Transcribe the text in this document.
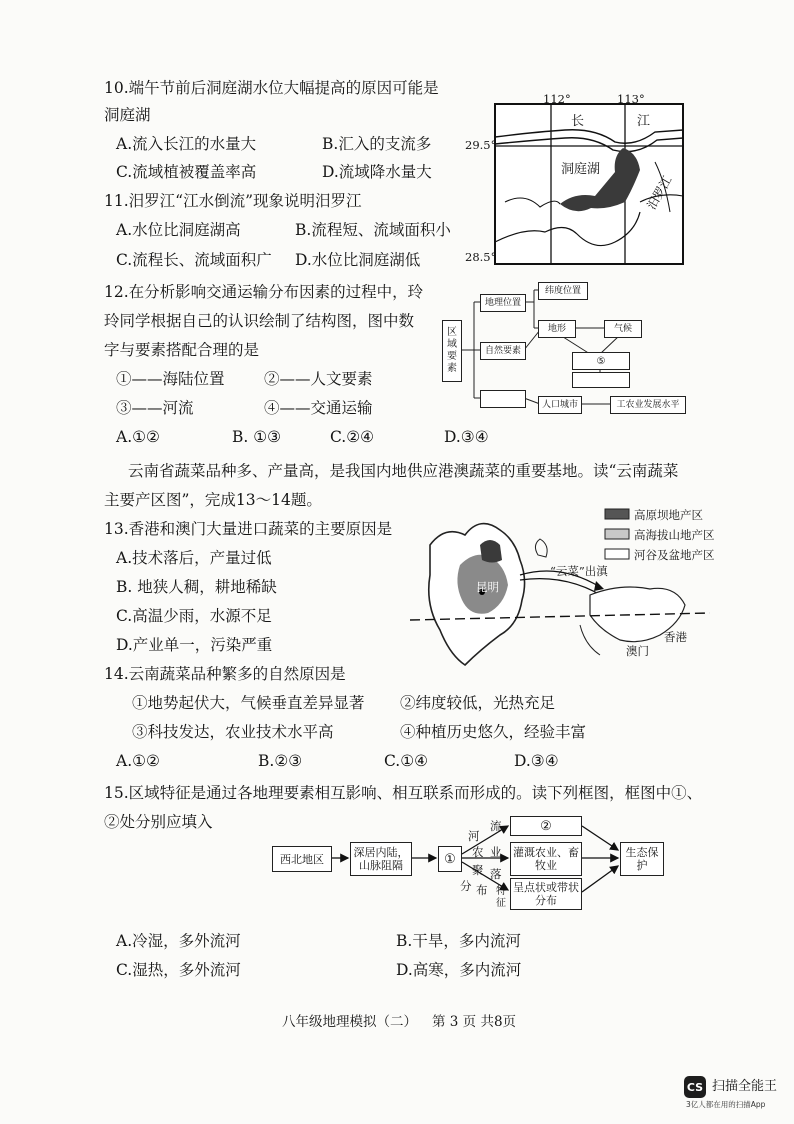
10.端午节前后洞庭湖水位大幅提高的原因可能是
洞庭湖
A.流入长江的水量大	B.汇入的支流多
C.流域植被覆盖率高	D.流域降水量大
11.汨罗江“江水倒流”现象说明汨罗江
A.水位比洞庭湖高	B.流程短、流域面积小
C.流程长、流域面积广 D.水位比洞庭湖低
112°	113°
29.5°
28.5°
长	江
洞庭湖
汨罗江
12.在分析影响交通运输分布因素的过程中，玲
玲同学根据自己的认识绘制了结构图，图中数
字与要素搭配合理的是
①——海陆位置	②——人文要素
③——河流	④——交通运输
A.①②	B. ①③	C.②④	D.③④
区域要素
地理位置
自然要素
纬度位置
地形	气候
⑤
人口城市	工农业发展水平
云南省蔬菜品种多、产量高，是我国内地供应港澳蔬菜的重要基地。读“云南蔬菜
主要产区图”，完成13～14题。
13.香港和澳门大量进口蔬菜的主要原因是
A.技术落后，产量过低
B. 地狭人稠，耕地稀缺
C.高温少雨，水源不足
D.产业单一，污染严重
高原坝地产区
高海拔山地产区
河谷及盆地产区
昆明
“云菜”出滇
香港
澳门
14.云南蔬菜品种繁多的自然原因是
①地势起伏大，气候垂直差异显著 ②纬度较低，光热充足
③科技发达，农业技术水平高	④种植历史悠久，经验丰富
A.①②	B.②③	C.①④	D.③④
15.区域特征是通过各地理要素相互影响、相互联系而形成的。读下列框图，框图中①、
②处分别应填入
西北地区	深居内陆，山脉阻隔	①
②
灌溉农业、畜牧业
呈点状或带状分布
生态保护
河
流
农 业
特
征
聚 落
分 布
A.冷湿，多外流河	B.干旱，多内流河
C.湿热，多外流河	D.高寒，多内流河
八年级地理模拟（二） 第 3 页 共8页
CS 扫描全能王
3亿人都在用的扫描App
